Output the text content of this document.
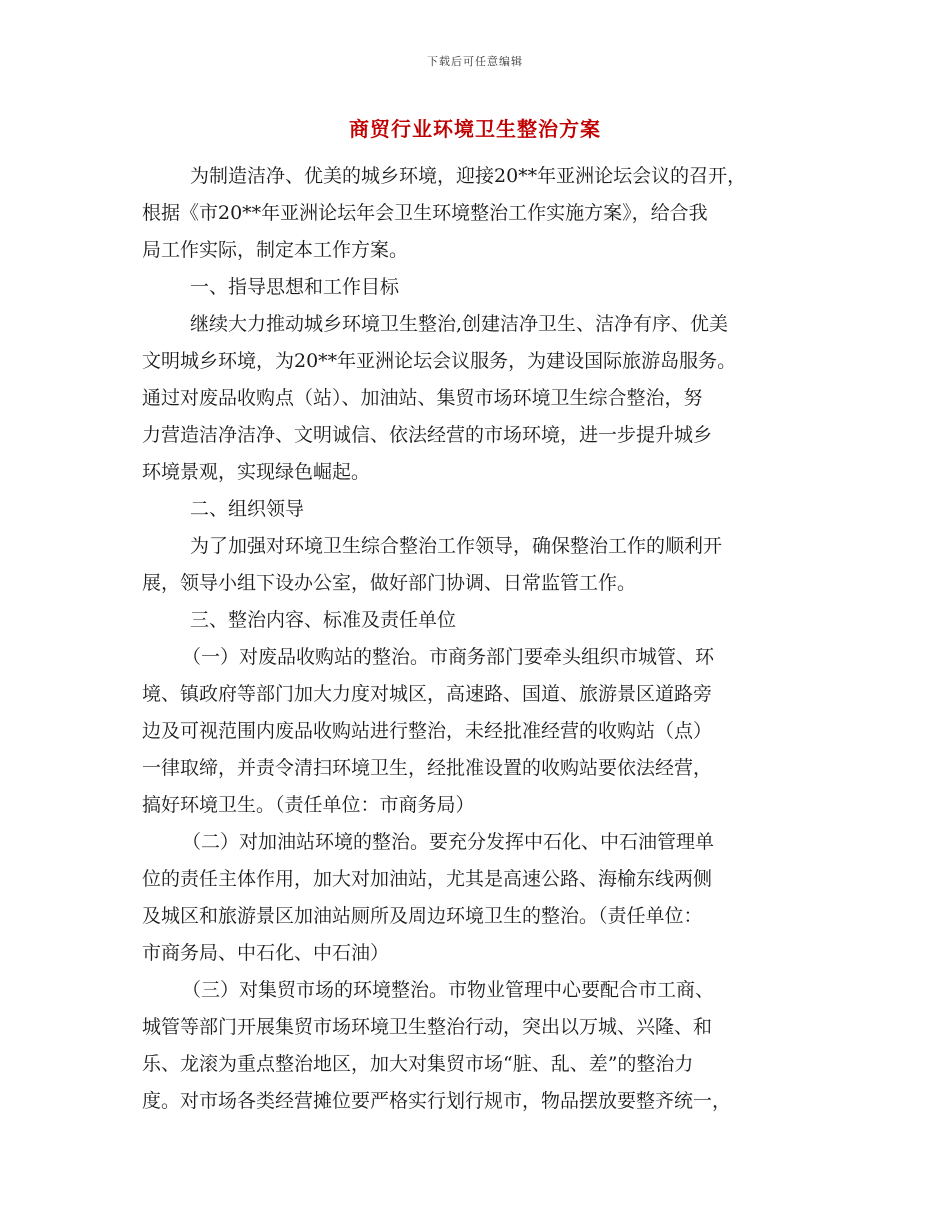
下载后可任意编辑
商贸行业环境卫生整治方案
为制造洁净、优美的城乡环境，迎接20**年亚洲论坛会议的召开，
根据《市20**年亚洲论坛年会卫生环境整治工作实施方案》，给合我
局工作实际，制定本工作方案。
一、指导思想和工作目标
继续大力推动城乡环境卫生整治,创建洁净卫生、洁净有序、优美
文明城乡环境，为20**年亚洲论坛会议服务，为建设国际旅游岛服务。
通过对废品收购点（站）、加油站、集贸市场环境卫生综合整治，努
力营造洁净洁净、文明诚信、依法经营的市场环境，进一步提升城乡
环境景观，实现绿色崛起。
二、组织领导
为了加强对环境卫生综合整治工作领导，确保整治工作的顺利开
展，领导小组下设办公室，做好部门协调、日常监管工作。
三、整治内容、标准及责任单位
（一）对废品收购站的整治。市商务部门要牵头组织市城管、环
境、镇政府等部门加大力度对城区，高速路、国道、旅游景区道路旁
边及可视范围内废品收购站进行整治，未经批准经营的收购站（点）
一律取缔，并责令清扫环境卫生，经批准设置的收购站要依法经营，
搞好环境卫生。（责任单位：市商务局）
（二）对加油站环境的整治。要充分发挥中石化、中石油管理单
位的责任主体作用，加大对加油站，尤其是高速公路、海榆东线两侧
及城区和旅游景区加油站厕所及周边环境卫生的整治。（责任单位：
市商务局、中石化、中石油）
（三）对集贸市场的环境整治。市物业管理中心要配合市工商、
城管等部门开展集贸市场环境卫生整治行动，突出以万城、兴隆、和
乐、龙滚为重点整治地区，加大对集贸市场“脏、乱、差”的整治力
度。对市场各类经营摊位要严格实行划行规市，物品摆放要整齐统一，
